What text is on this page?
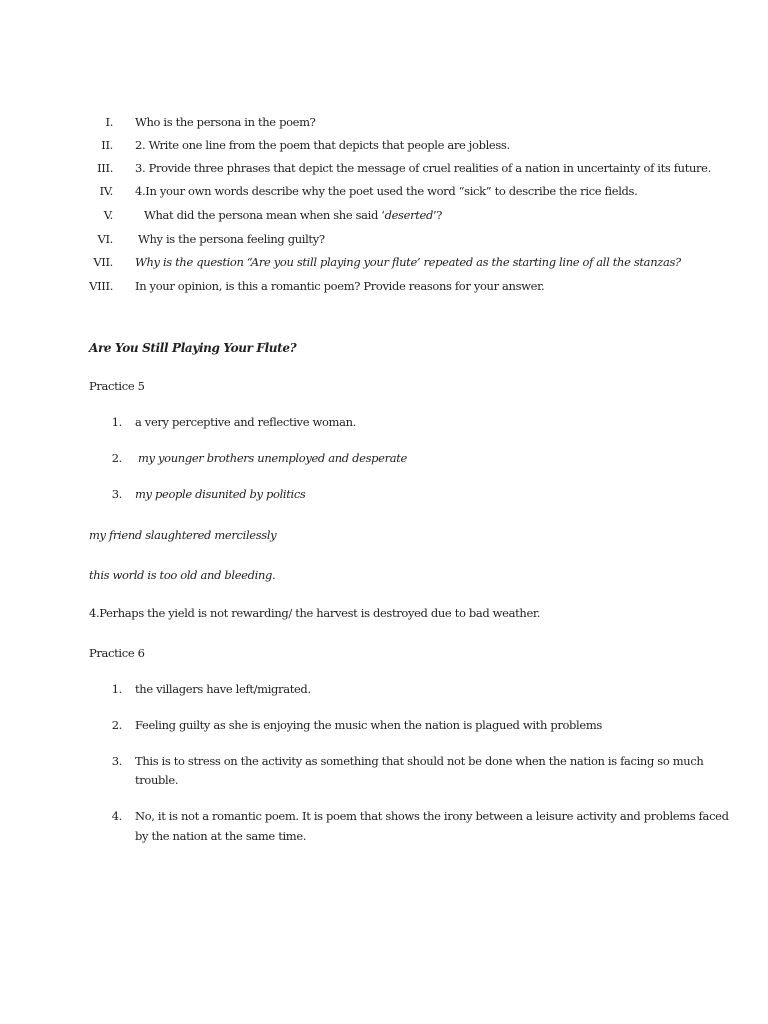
I. Who is the persona in the poem?
II. 2. Write one line from the poem that depicts that people are jobless.
III. 3. Provide three phrases that depict the message of cruel realities of a nation in uncertainty of its future.
IV. 4.In your own words describe why the poet used the word “sick” to describe the rice fields.
V.	What did the persona mean when she said ‘deserted’?
VI. Why is the persona feeling guilty?
VII. Why is the question “Are you still playing your flute’ repeated as the starting line of all the stanzas?
VIII. In your opinion, is this a romantic poem? Provide reasons for your answer.
Are You Still Playing Your Flute?
Practice 5
1. a very perceptive and reflective woman.
2. my younger brothers unemployed and desperate
3. my people disunited by politics
my friend slaughtered mercilessly
this world is too old and bleeding.
4.Perhaps the yield is not rewarding/ the harvest is destroyed due to bad weather.
Practice 6
1. the villagers have left/migrated.
2. Feeling guilty as she is enjoying the music when the nation is plagued with problems
3. This is to stress on the activity as something that should not be done when the nation is facing so much
trouble.
4. No, it is not a romantic poem. It is poem that shows the irony between a leisure activity and problems faced
by the nation at the same time.
